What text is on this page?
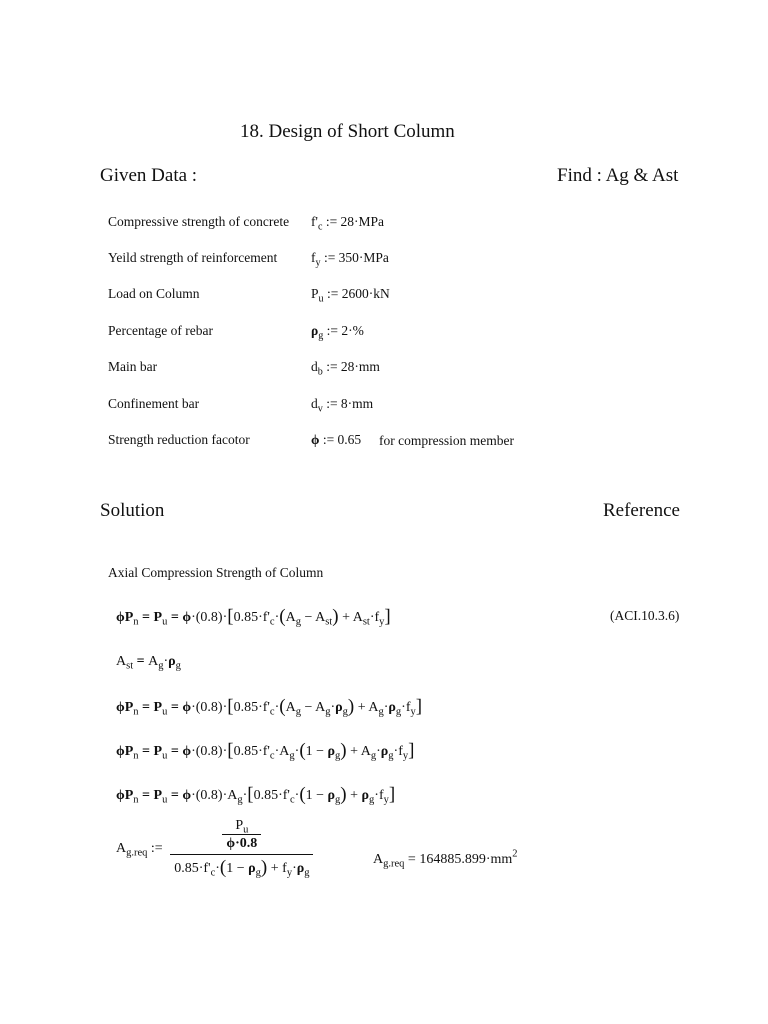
18. Design of Short Column
Given Data :	Find : Ag & Ast
Compressive strength of concrete $f'_c$ := 28·MPa
Yeild strength of reinforcement	$f_y$ := 350·MPa
Load on Column	$P_u$ := 2600·kN
Percentage of rebar	$\rho_g$ := 2·%
Main bar	$d_b$ := 28·mm
Confinement bar	$d_v$ := 8·mm
Strength reduction facotor	ϕ := 0.65 for compression member
Solution	Reference
Axial Compression Strength of Column
(ACI.10.3.6)
$\phi P_n = P_u = \phi\cdot(0.8)\cdot[0.85\cdot f'_c\cdot(A_g - A_{st}) + A_{st}\cdot f_y]$
$A_{st} = A_g\cdot\rho_g$
$\phi P_n = P_u = \phi\cdot(0.8)\cdot[0.85\cdot f'_c\cdot(A_g - A_g\cdot\rho_g) + A_g\cdot\rho_g\cdot f_y]$
$\phi P_n = P_u = \phi\cdot(0.8)\cdot[0.85\cdot f'_c\cdot A_g\cdot(1 - \rho_g) + A_g\cdot\rho_g\cdot f_y]$
$\phi P_n = P_u = \phi\cdot(0.8)\cdot A_g\cdot[0.85\cdot f'_c\cdot(1 - \rho_g) + \rho_g\cdot f_y]$
$A_{g.req}$ := $\frac{\frac{P_u}{\phi\cdot 0.8}}{0.85\cdot f'_c\cdot(1 - \rho_g) + f_y\cdot\rho_g}$	$A_{g.req} = 164885.899\cdot mm^2$
